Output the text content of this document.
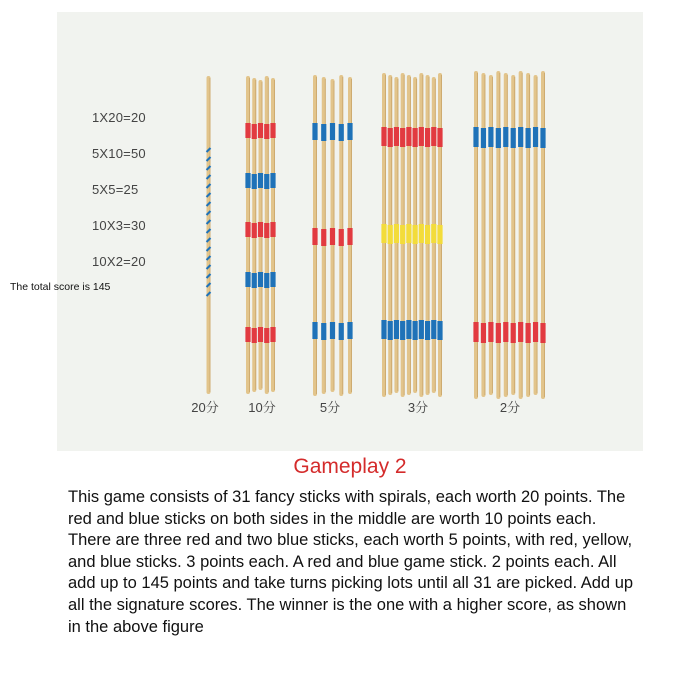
1X20=20
5X10=50
5X5=25
10X3=30
10X2=20
The total score is 145
20分	10分	5分	3分	2分
Gameplay 2

This game consists of 31 fancy sticks with spirals, each worth 20 points. The red and blue sticks on both sides in the middle are worth 10 points each. There are three red and two blue sticks, each worth 5 points, with red, yellow, and blue sticks. 3 points each. A red and blue game stick. 2 points each. All add up to 145 points and take turns picking lots until all 31 are picked. Add up all the signature scores. The winner is the one with a higher score, as shown in the above figure
